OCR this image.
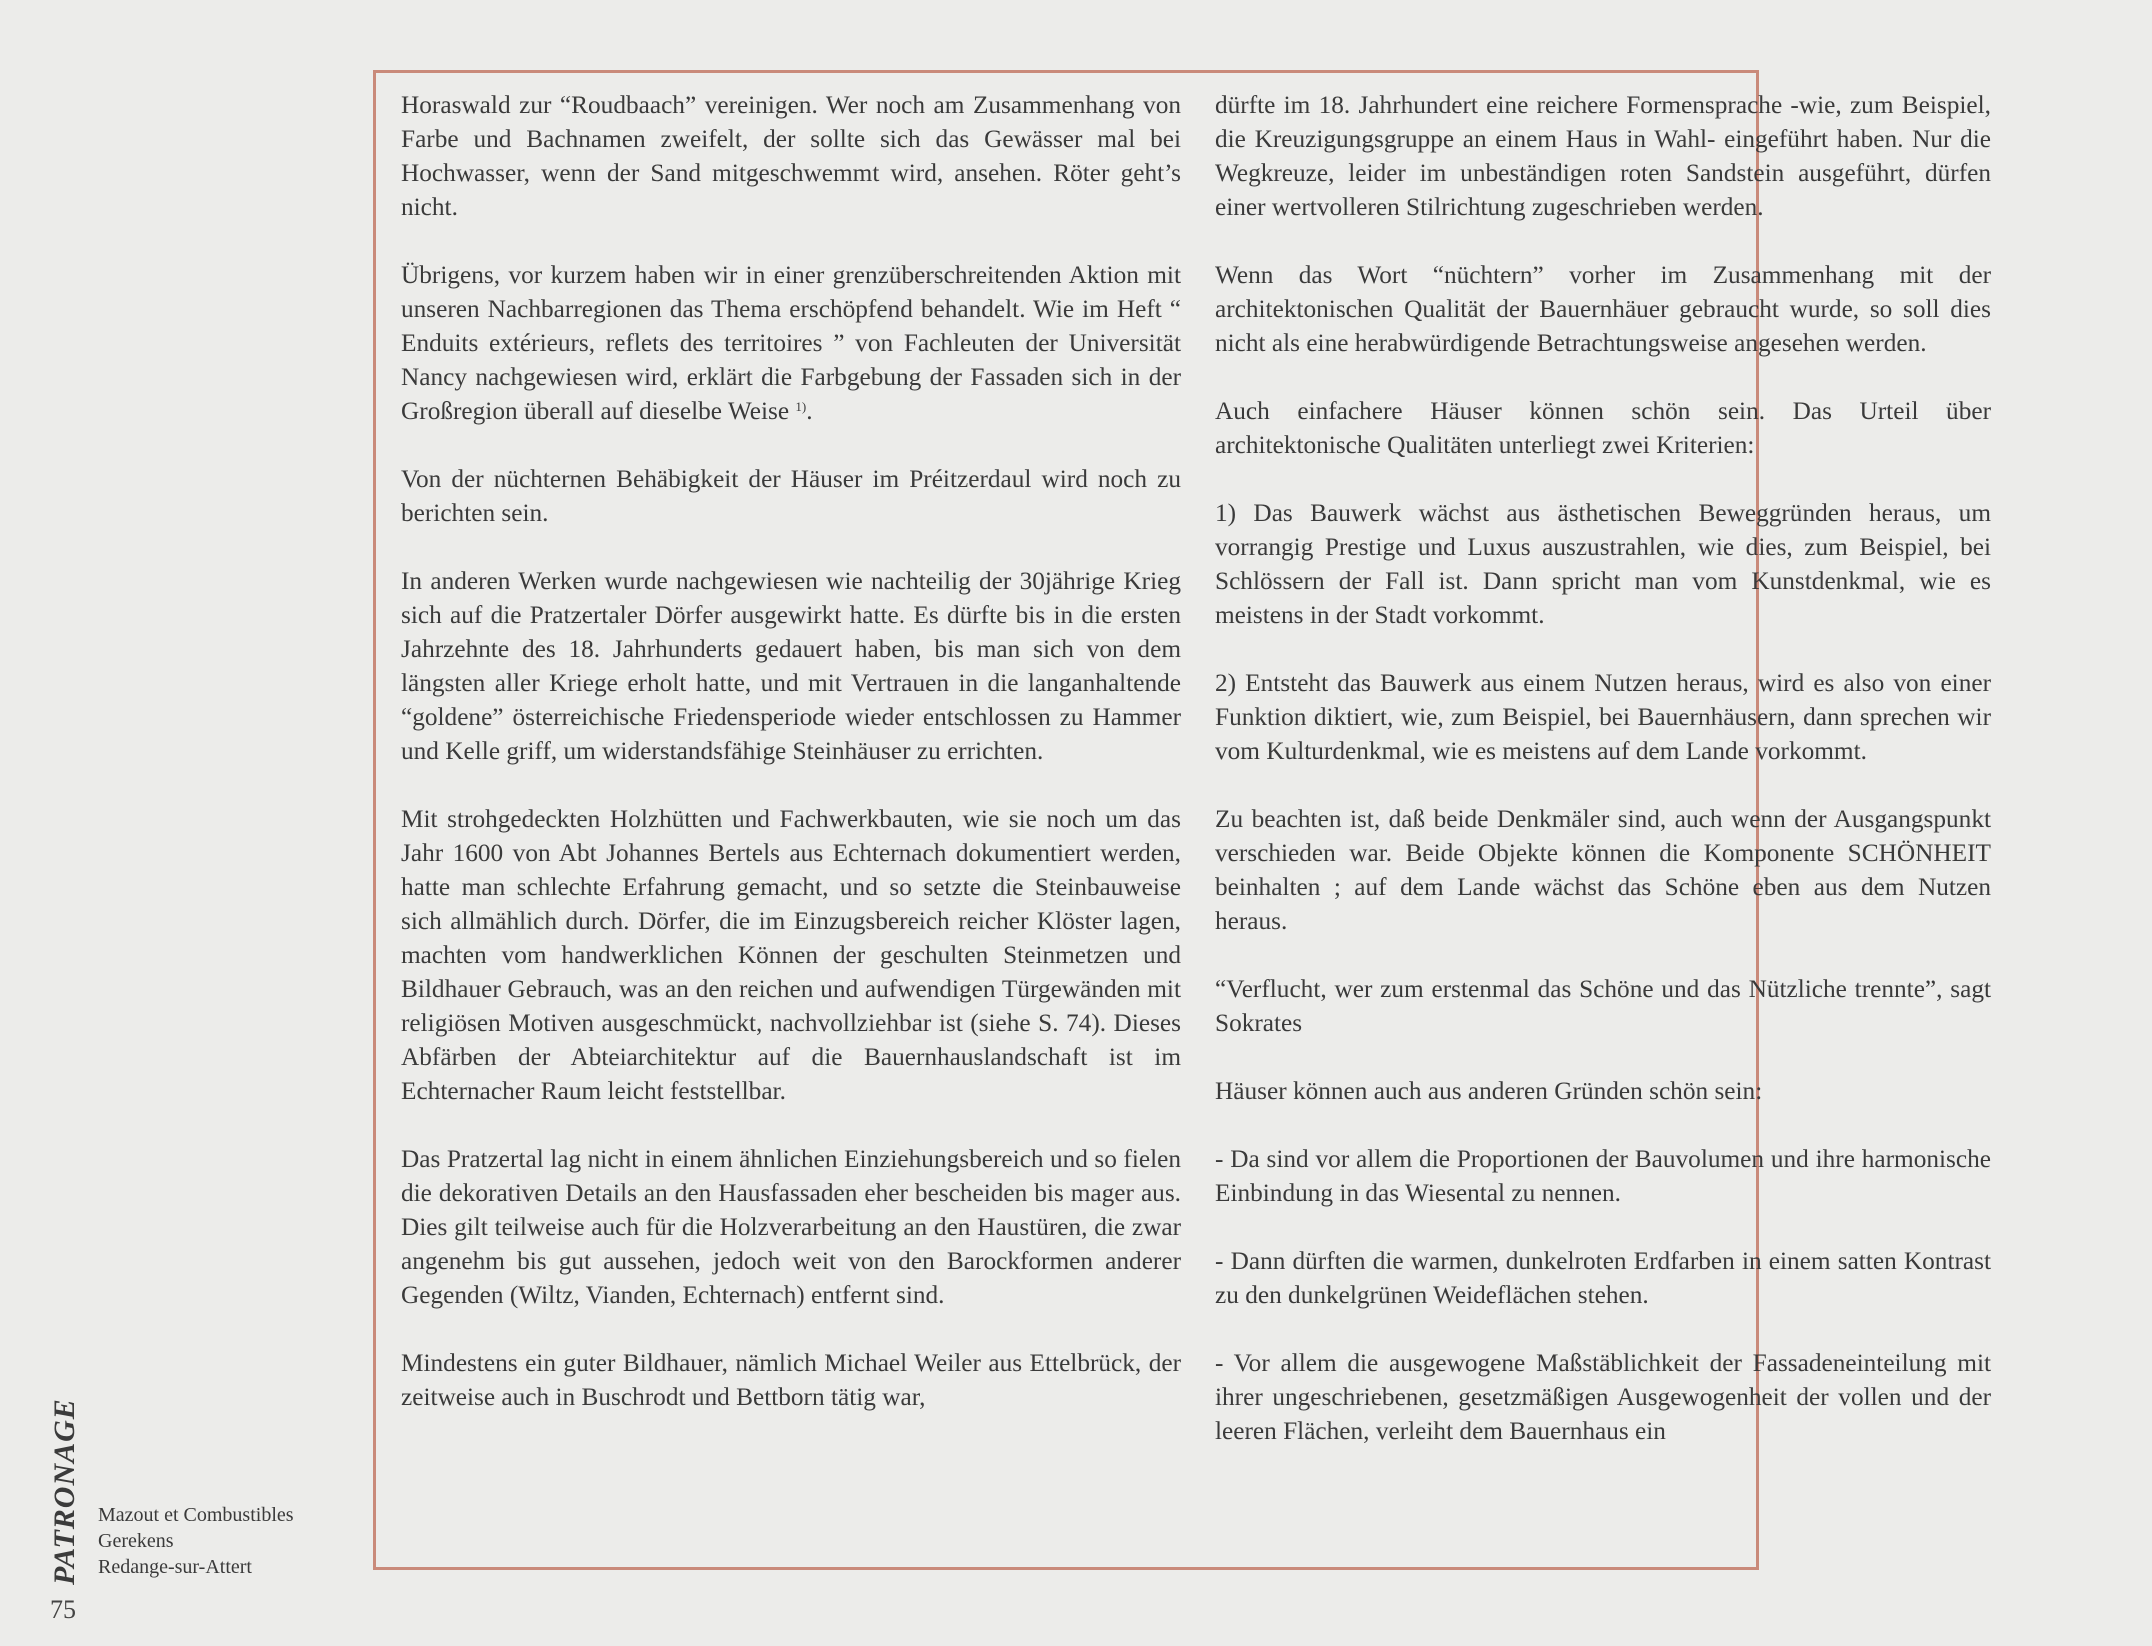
Horaswald zur “Roudbaach” vereinigen. Wer noch am Zusammenhang von Farbe und Bachnamen zweifelt, der sollte sich das Gewässer mal bei Hochwasser, wenn der Sand mitgeschwemmt wird, ansehen. Röter geht’s nicht.

Übrigens, vor kurzem haben wir in einer grenzüberschreitenden Aktion mit unseren Nachbarregionen das Thema erschöpfend behandelt. Wie im Heft “ Enduits extérieurs, reflets des territoires ” von Fachleuten der Universität Nancy nachgewiesen wird, erklärt die Farbgebung der Fassaden sich in der Großregion überall auf dieselbe Weise $^{1)}$.

Von der nüchternen Behäbigkeit der Häuser im Préitzerdaul wird noch zu berichten sein.

In anderen Werken wurde nachgewiesen wie nachteilig der 30jährige Krieg sich auf die Pratzertaler Dörfer ausgewirkt hatte. Es dürfte bis in die ersten Jahrzehnte des 18. Jahrhunderts gedauert haben, bis man sich von dem längsten aller Kriege erholt hatte, und mit Vertrauen in die langanhaltende “goldene” österreichische Friedensperiode wieder entschlossen zu Hammer und Kelle griff, um widerstandsfähige Steinhäuser zu errichten.

Mit strohgedeckten Holzhütten und Fachwerkbauten, wie sie noch um das Jahr 1600 von Abt Johannes Bertels aus Echternach dokumentiert werden, hatte man schlechte Erfahrung gemacht, und so setzte die Steinbauweise sich allmählich durch. Dörfer, die im Einzugsbereich reicher Klöster lagen, machten vom handwerklichen Können der geschulten Steinmetzen und Bildhauer Gebrauch, was an den reichen und aufwendigen Türgewänden mit religiösen Motiven ausgeschmückt, nachvollziehbar ist (siehe S. 74). Dieses Abfärben der Abteiarchitektur auf die Bauernhauslandschaft ist im Echternacher Raum leicht feststellbar.

Das Pratzertal lag nicht in einem ähnlichen Einziehungsbereich und so fielen die dekorativen Details an den Hausfassaden eher bescheiden bis mager aus. Dies gilt teilweise auch für die Holzverarbeitung an den Haustüren, die zwar angenehm bis gut aussehen, jedoch weit von den Barockformen anderer Gegenden (Wiltz, Vianden, Echternach) entfernt sind.

Mindestens ein guter Bildhauer, nämlich Michael Weiler aus Ettelbrück, der zeitweise auch in Buschrodt und Bettborn tätig war,

dürfte im 18. Jahrhundert eine reichere Formensprache -wie, zum Beispiel, die Kreuzigungsgruppe an einem Haus in Wahl- eingeführt haben. Nur die Wegkreuze, leider im unbeständigen roten Sandstein ausgeführt, dürfen einer wertvolleren Stilrichtung zugeschrieben werden.

Wenn das Wort “nüchtern” vorher im Zusammenhang mit der architektonischen Qualität der Bauernhäuer gebraucht wurde, so soll dies nicht als eine herabwürdigende Betrachtungsweise angesehen werden.

Auch einfachere Häuser können schön sein. Das Urteil über architektonische Qualitäten unterliegt zwei Kriterien:

1) Das Bauwerk wächst aus ästhetischen Beweggründen heraus, um vorrangig Prestige und Luxus auszustrahlen, wie dies, zum Beispiel, bei Schlössern der Fall ist. Dann spricht man vom Kunstdenkmal, wie es meistens in der Stadt vorkommt.

2) Entsteht das Bauwerk aus einem Nutzen heraus, wird es also von einer Funktion diktiert, wie, zum Beispiel, bei Bauernhäusern, dann sprechen wir vom Kulturdenkmal, wie es meistens auf dem Lande vorkommt.

Zu beachten ist, daß beide Denkmäler sind, auch wenn der Ausgangspunkt verschieden war. Beide Objekte können die Komponente SCHÖNHEIT beinhalten ; auf dem Lande wächst das Schöne eben aus dem Nutzen heraus.

“Verflucht, wer zum erstenmal das Schöne und das Nützliche trennte”, sagt Sokrates

Häuser können auch aus anderen Gründen schön sein:

- Da sind vor allem die Proportionen der Bauvolumen und ihre harmonische Einbindung in das Wiesental zu nennen.

- Dann dürften die warmen, dunkelroten Erdfarben in einem satten Kontrast zu den dunkelgrünen Weideflächen stehen.

- Vor allem die ausgewogene Maßstäblichkeit der Fassadeneinteilung mit ihrer ungeschriebenen, gesetzmäßigen Ausgewogenheit der vollen und der leeren Flächen, verleiht dem Bauernhaus ein

PATRONAGE Mazout et Combustibles
Gerekens
Redange-sur-Attert
75
